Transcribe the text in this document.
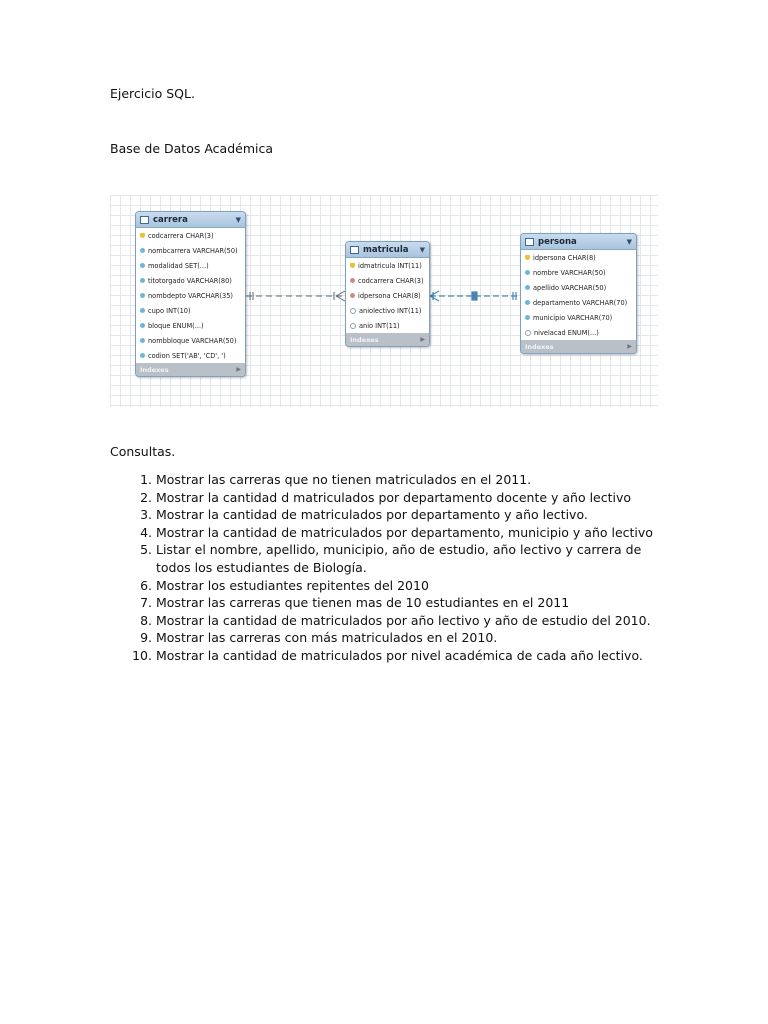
Ejercicio SQL.
Base de Datos Académica
carrera	▼
codcarrera CHAR(3)
nombcarrera VARCHAR(50)
modalidad SET(...)
titotorgado VARCHAR(80)
nombdepto VARCHAR(35)
cupo INT(10)
bloque ENUM(...)
nombbloque VARCHAR(50)
codion SET('AB', 'CD', ')
Indexes	▶
matricula	▼
idmatricula INT(11)
codcarrera CHAR(3)
idpersona CHAR(8)
aniolectivo INT(11)
anio INT(11)
Indexes	▶
persona	▼
idpersona CHAR(8)
nombre VARCHAR(50)
apellido VARCHAR(50)
departamento VARCHAR(70)
municipio VARCHAR(70)
nivelacad ENUM(...)
Indexes	▶
Consultas.
1. Mostrar las carreras que no tienen matriculados en el 2011.
2. Mostrar la cantidad d matriculados por departamento docente y año lectivo
3. Mostrar la cantidad de matriculados por departamento y año lectivo.
4. Mostrar la cantidad de matriculados por departamento, municipio y año lectivo
5. Listar el nombre, apellido, municipio, año de estudio, año lectivo y carrera de todos los estudiantes de Biología.
6. Mostrar los estudiantes repitentes del 2010
7. Mostrar las carreras que tienen mas de 10 estudiantes en el 2011
8. Mostrar la cantidad de matriculados por año lectivo y año de estudio del 2010.
9. Mostrar las carreras con más matriculados en el 2010.
10. Mostrar la cantidad de matriculados por nivel académica de cada año lectivo.
